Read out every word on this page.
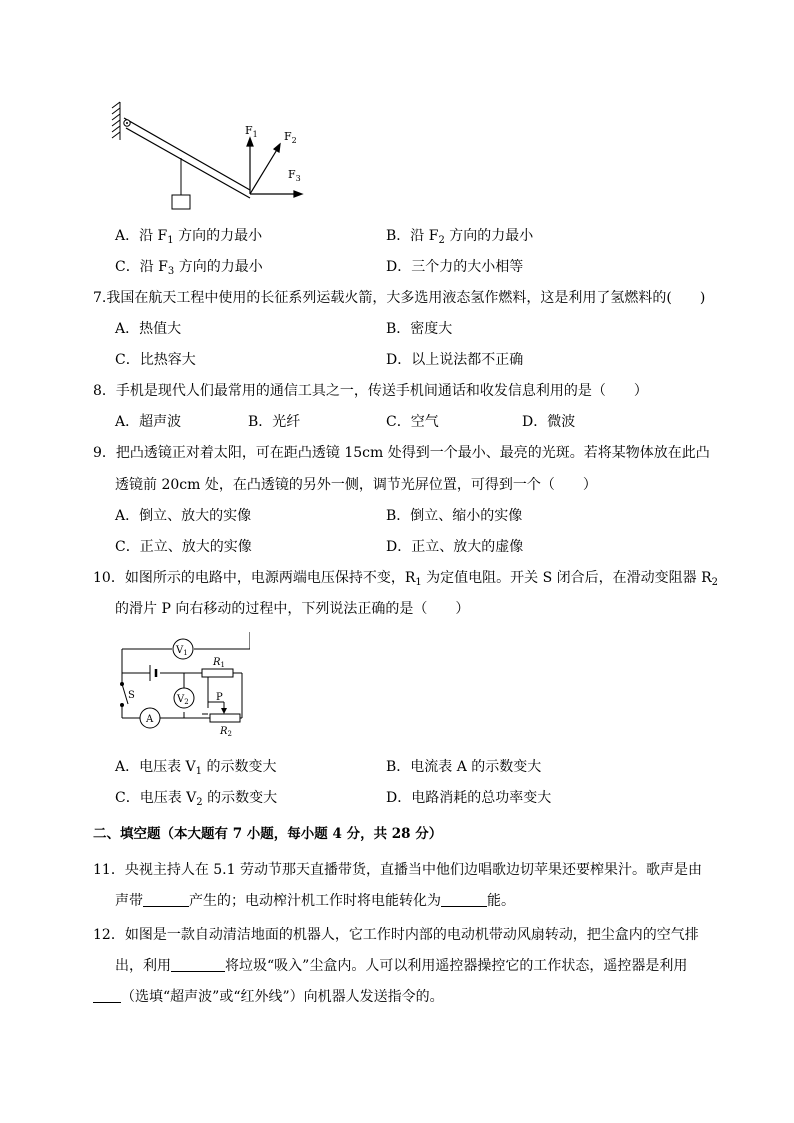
$F_1$ $F_2$
$F_3$
A．沿 $F_1$ 方向的力最小	B．沿 $F_2$ 方向的力最小
C．沿 $F_3$ 方向的力最小	D．三个力的大小相等
7.我国在航天工程中使用的长征系列运载火箭，大多选用液态氢作燃料，这是利用了氢燃料的(　　)
A．热值大	B．密度大
C．比热容大	D．以上说法都不正确
8．手机是现代人们最常用的通信工具之一，传送手机间通话和收发信息利用的是（　　）
A．超声波	B．光纤	C．空气	D．微波
9．把凸透镜正对着太阳，可在距凸透镜 15cm 处得到一个最小、最亮的光斑。若将某物体放在此凸
透镜前 20cm 处，在凸透镜的另外一侧，调节光屏位置，可得到一个（　　）
A．倒立、放大的实像	B．倒立、缩小的实像
C．正立、放大的实像	D．正立、放大的虚像
10．如图所示的电路中，电源两端电压保持不变，$R_1$ 为定值电阻。开关 S 闭合后，在滑动变阻器 $R_2$
的滑片 P 向右移动的过程中，下列说法正确的是（　　）
$V_1$
$R_1$
$V_2$
A
S	P
$R_2$
A．电压表 $V_1$ 的示数变大	B．电流表 A 的示数变大
C．电压表 $V_2$ 的示数变大	D．电路消耗的总功率变大
二、填空题（本大题有 7 小题，每小题 4 分，共 28 分）
11．央视主持人在 5.1 劳动节那天直播带货，直播当中他们边唱歌边切苹果还要榨果汁。歌声是由
声带	产生的；电动榨汁机工作时将电能转化为	能。
12．如图是一款自动清洁地面的机器人，它工作时内部的电动机带动风扇转动，把尘盒内的空气排
出，利用	将垃圾“吸入”尘盒内。人可以利用遥控器操控它的工作状态，遥控器是利用
（选填“超声波”或“红外线”）向机器人发送指令的。
